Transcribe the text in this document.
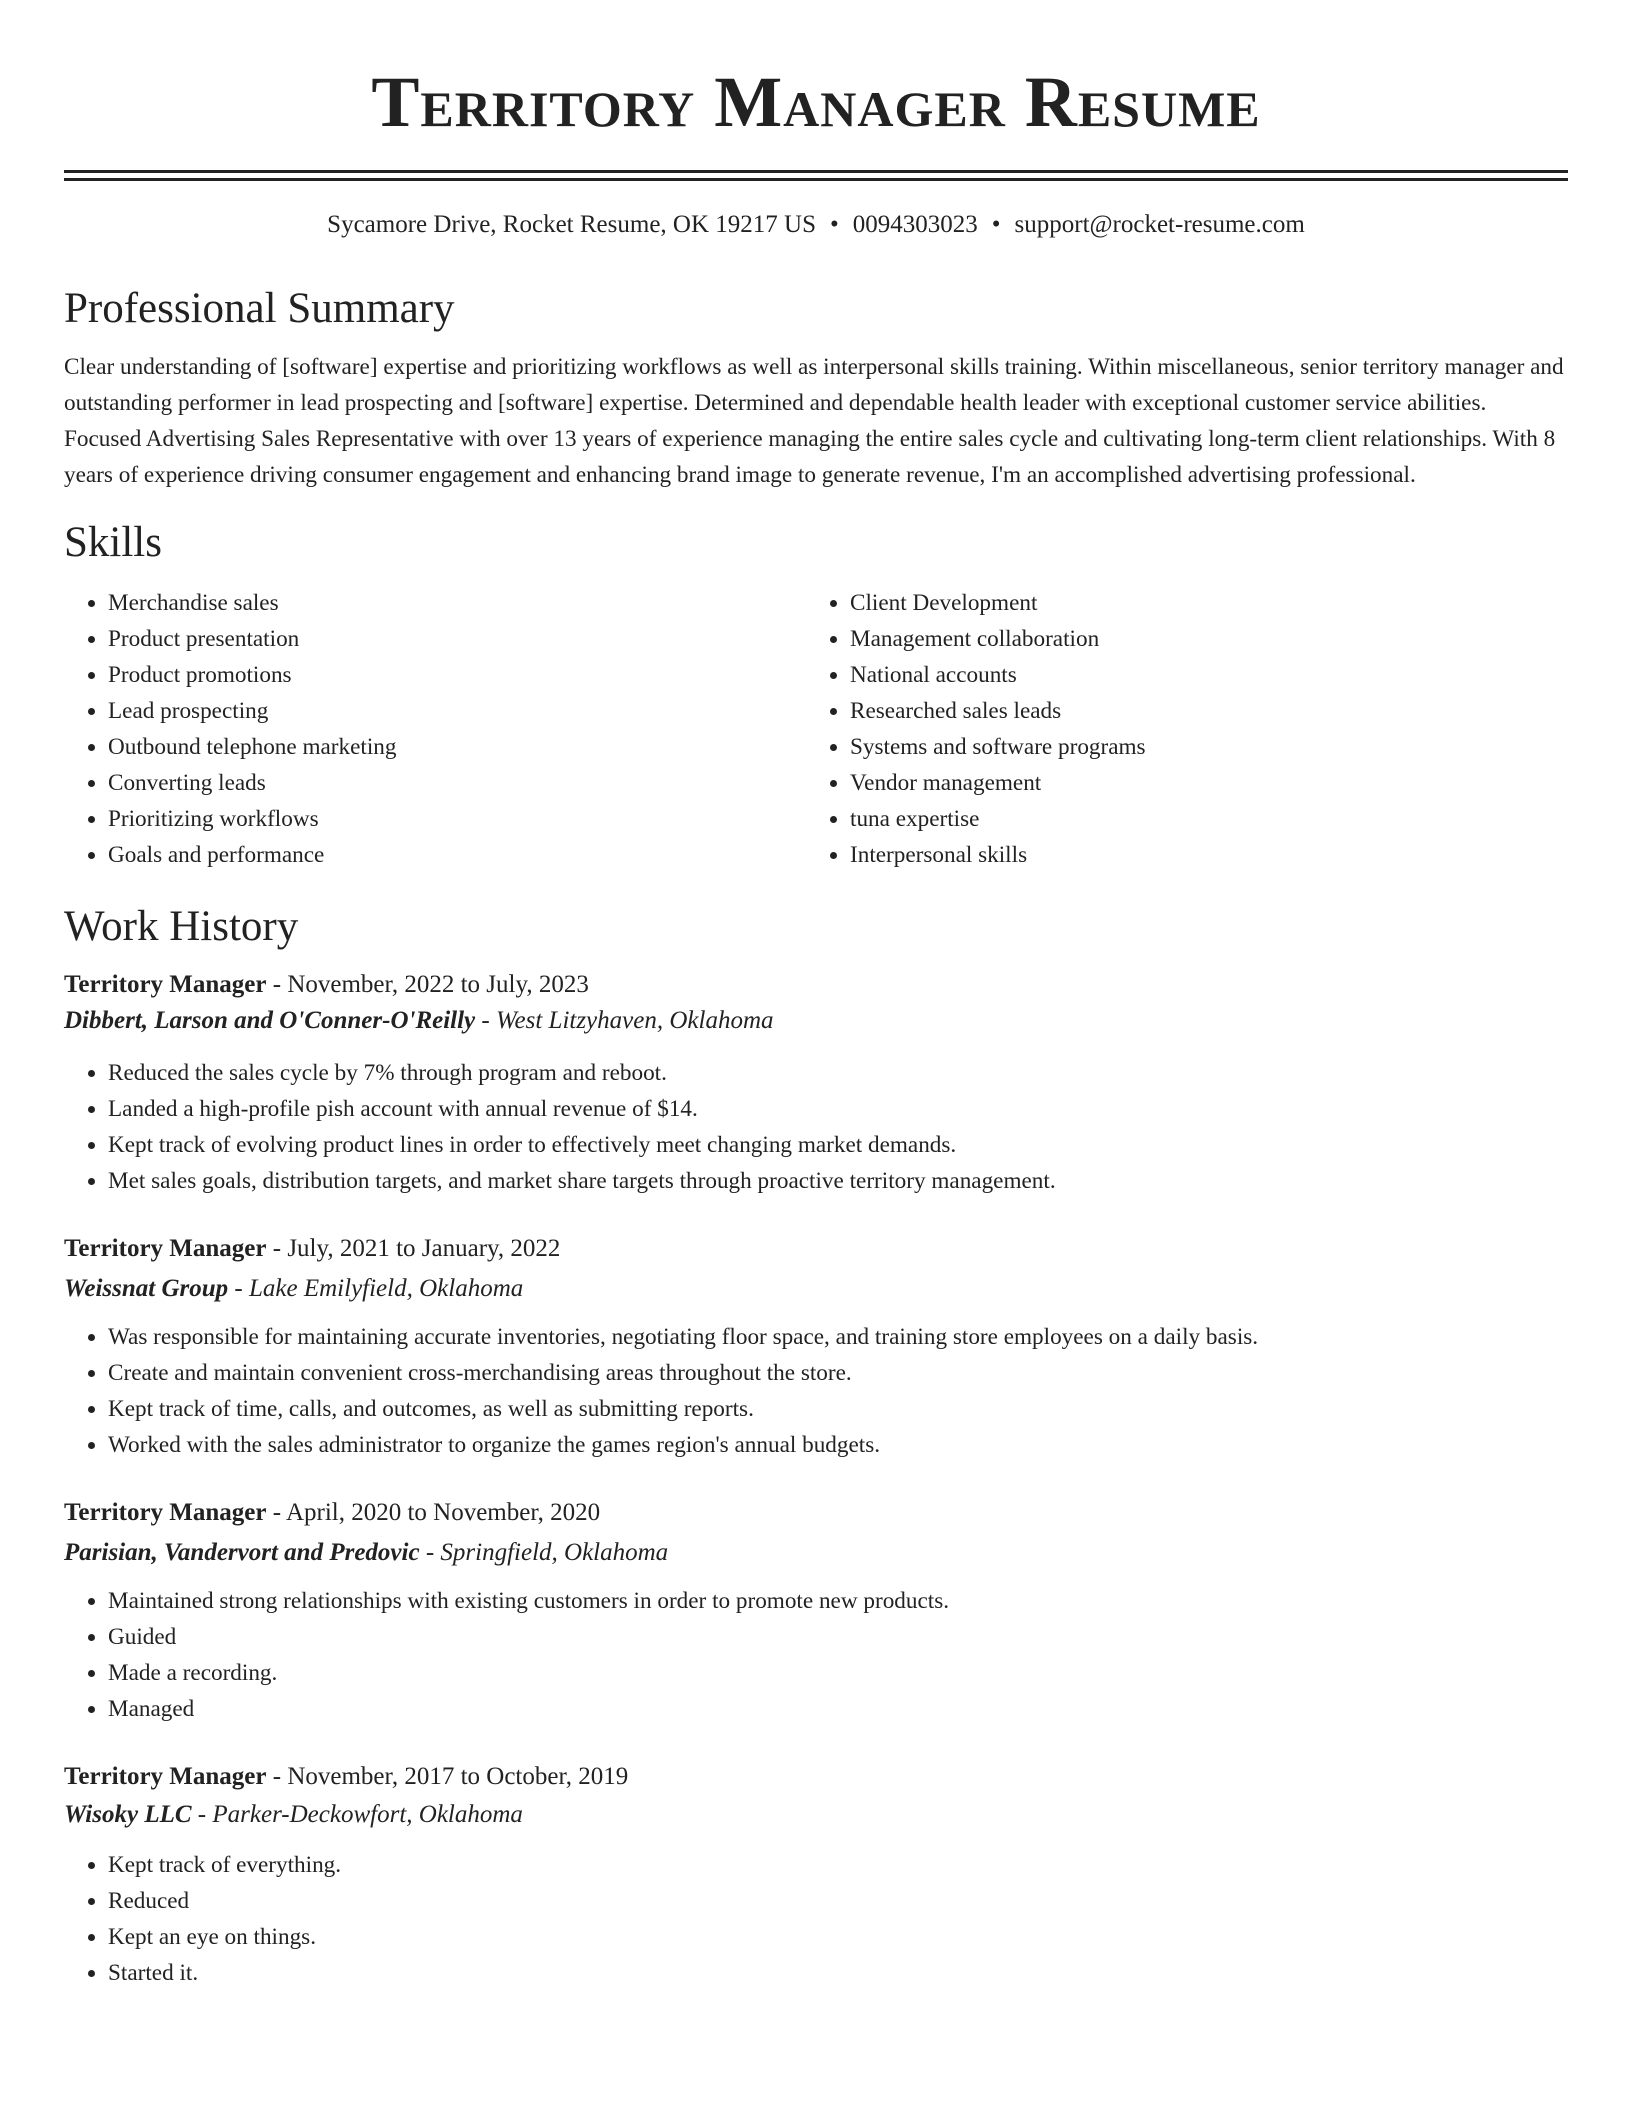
Territory Manager Resume
Sycamore Drive, Rocket Resume, OK 19217 US • 0094303023 • support@rocket-resume.com
Professional Summary
Clear understanding of [software] expertise and prioritizing workflows as well as interpersonal skills training. Within miscellaneous, senior territory manager and outstanding performer in lead prospecting and [software] expertise. Determined and dependable health leader with exceptional customer service abilities. Focused Advertising Sales Representative with over 13 years of experience managing the entire sales cycle and cultivating long-term client relationships. With 8 years of experience driving consumer engagement and enhancing brand image to generate revenue, I'm an accomplished advertising professional.
Skills
• Merchandise sales
• Product presentation
• Product promotions
• Lead prospecting
• Outbound telephone marketing
• Converting leads
• Prioritizing workflows
• Goals and performance
• Client Development
• Management collaboration
• National accounts
• Researched sales leads
• Systems and software programs
• Vendor management
• tuna expertise
• Interpersonal skills
Work History
Territory Manager - November, 2022 to July, 2023
Dibbert, Larson and O'Conner-O'Reilly - West Litzyhaven, Oklahoma
• Reduced the sales cycle by 7% through program and reboot.
• Landed a high-profile pish account with annual revenue of $14.
• Kept track of evolving product lines in order to effectively meet changing market demands.
• Met sales goals, distribution targets, and market share targets through proactive territory management.
Territory Manager - July, 2021 to January, 2022
Weissnat Group - Lake Emilyfield, Oklahoma
• Was responsible for maintaining accurate inventories, negotiating floor space, and training store employees on a daily basis.
• Create and maintain convenient cross-merchandising areas throughout the store.
• Kept track of time, calls, and outcomes, as well as submitting reports.
• Worked with the sales administrator to organize the games region's annual budgets.
Territory Manager - April, 2020 to November, 2020
Parisian, Vandervort and Predovic - Springfield, Oklahoma
• Maintained strong relationships with existing customers in order to promote new products.
• Guided
• Made a recording.
• Managed
Territory Manager - November, 2017 to October, 2019
Wisoky LLC - Parker-Deckowfort, Oklahoma
• Kept track of everything.
• Reduced
• Kept an eye on things.
• Started it.
